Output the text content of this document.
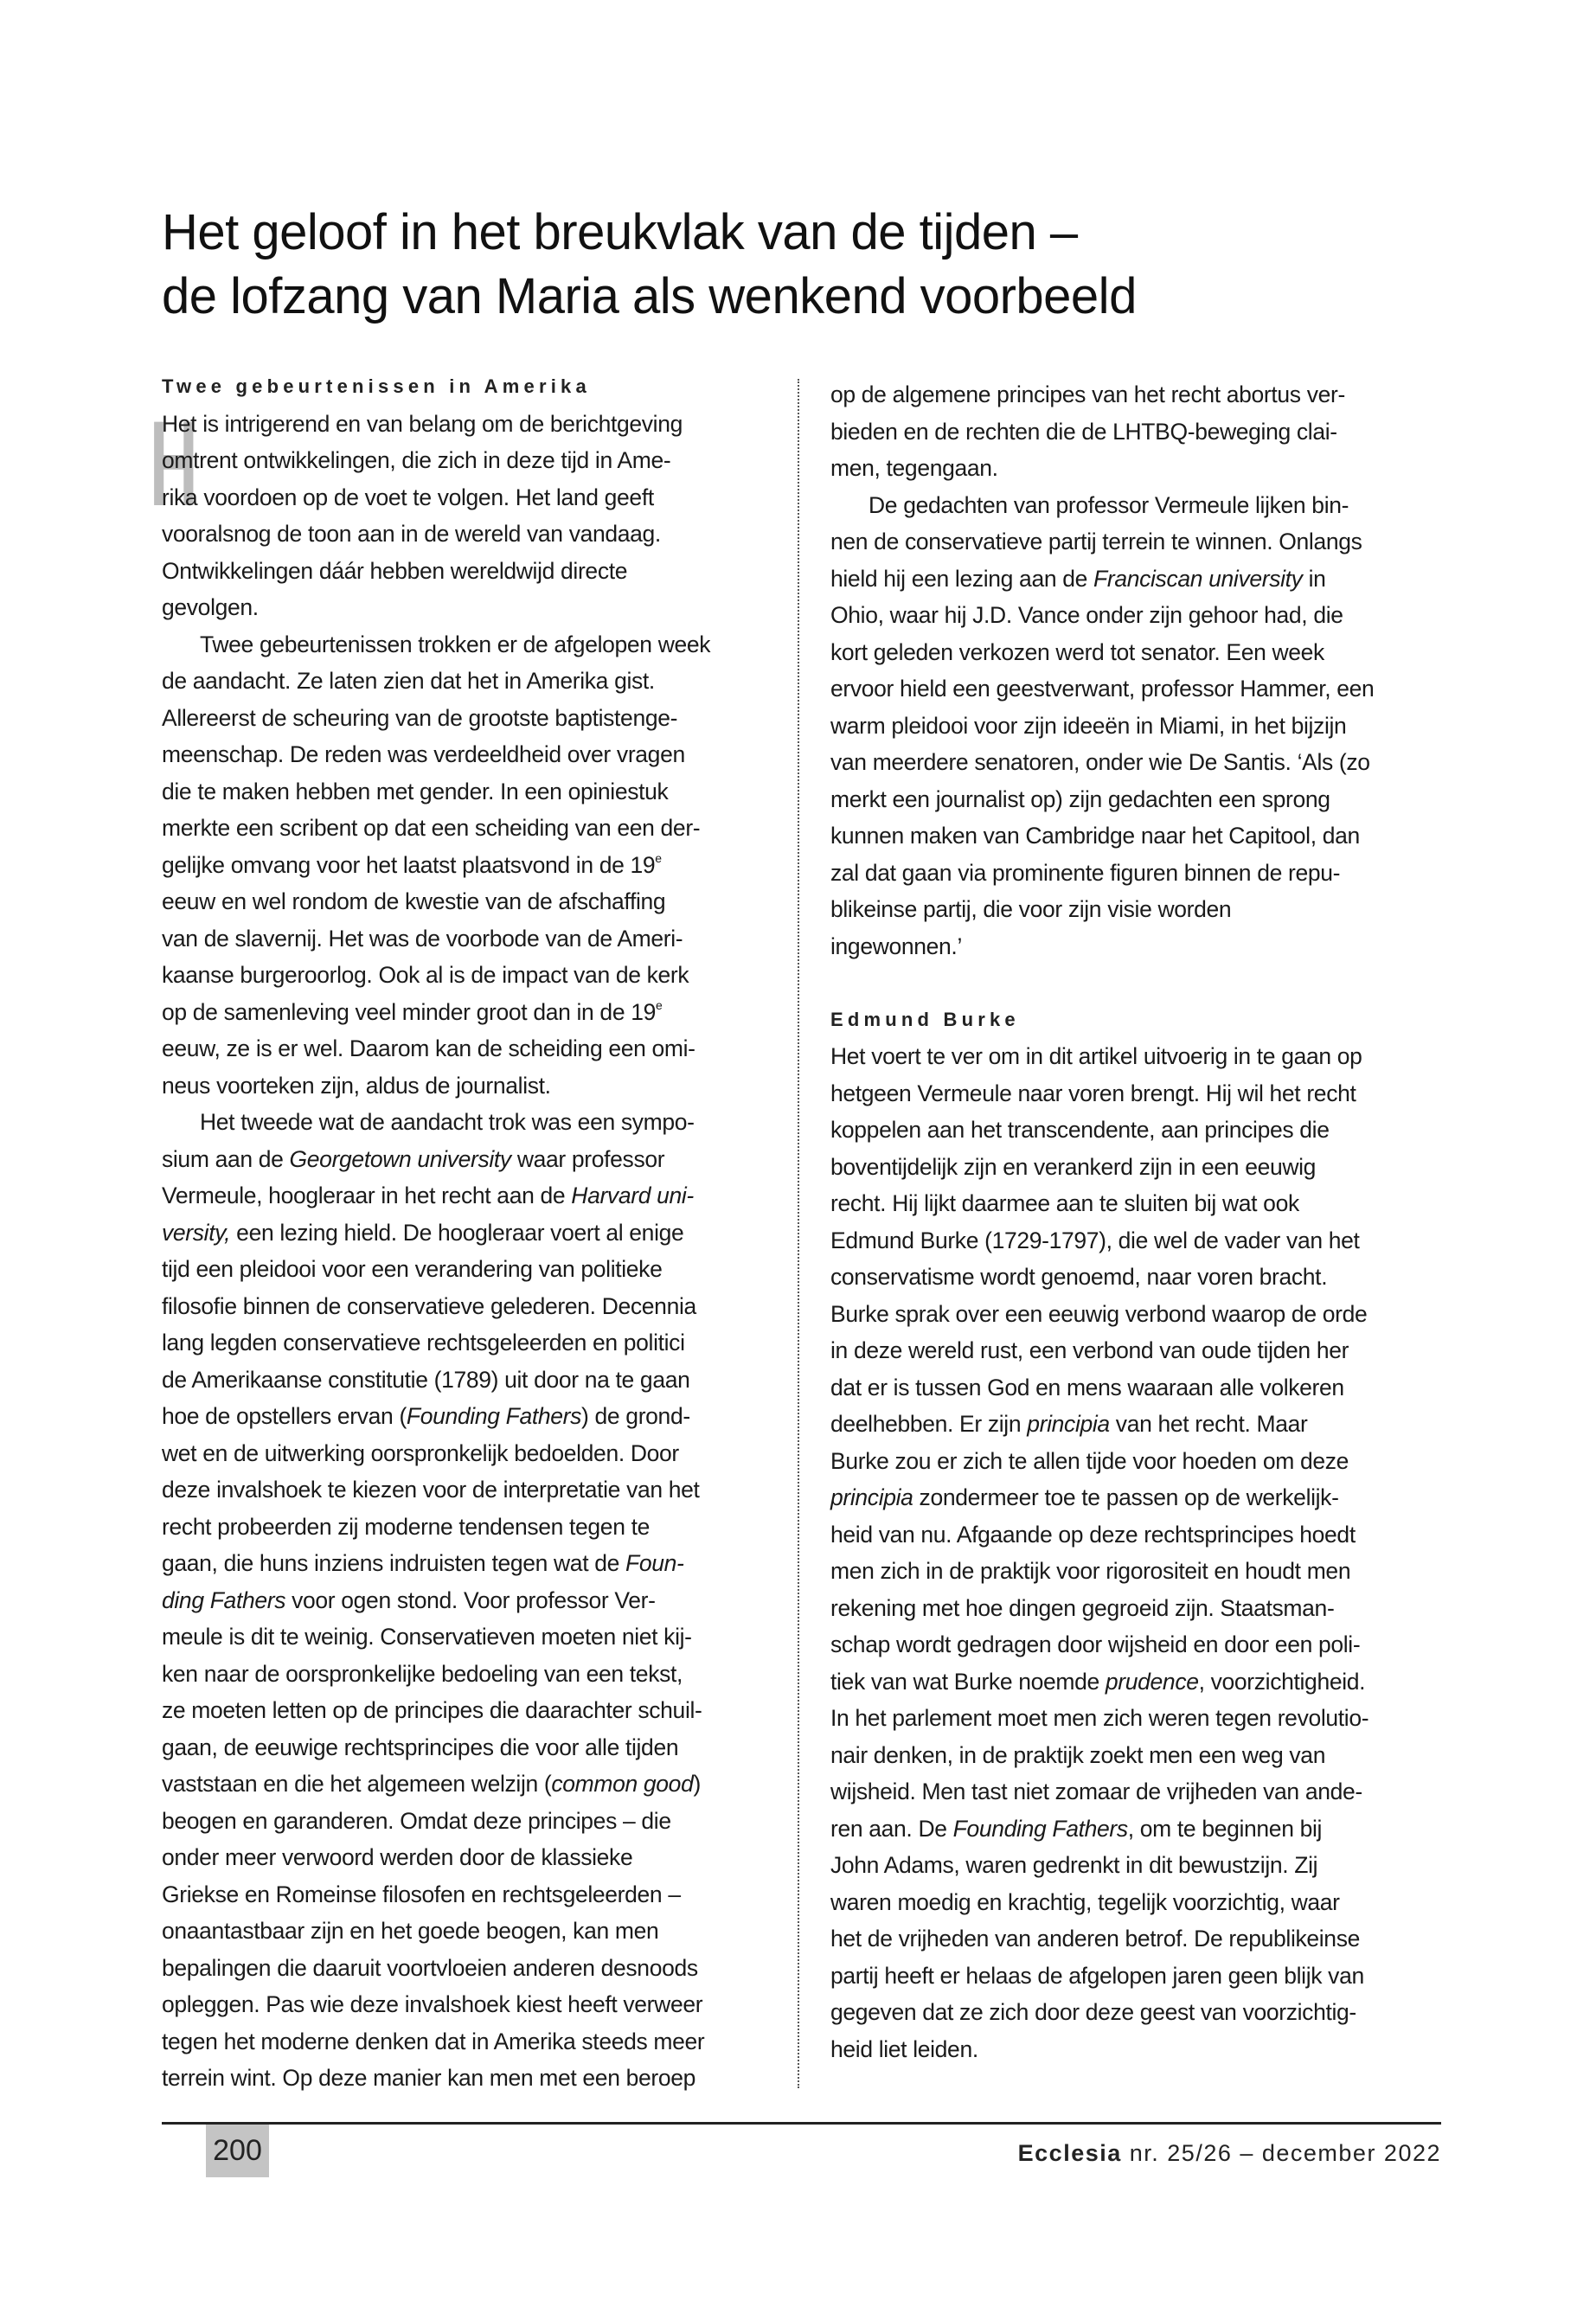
Het geloof in het breukvlak van de tijden –
de lofzang van Maria als wenkend voorbeeld
H
Twee gebeurtenissen in Amerika
Het is intrigerend en van belang om de berichtgeving
omtrent ontwikkelingen, die zich in deze tijd in Ame-
rika voordoen op de voet te volgen. Het land geeft
vooralsnog de toon aan in de wereld van vandaag.
Ontwikkelingen dáár hebben wereldwijd directe
gevolgen.
Twee gebeurtenissen trokken er de afgelopen week
de aandacht. Ze laten zien dat het in Amerika gist.
Allereerst de scheuring van de grootste baptistenge-
meenschap. De reden was verdeeldheid over vragen
die te maken hebben met gender. In een opiniestuk
merkte een scribent op dat een scheiding van een der-
gelijke omvang voor het laatst plaatsvond in de 19e
eeuw en wel rondom de kwestie van de afschaffing
van de slavernij. Het was de voorbode van de Ameri-
kaanse burgeroorlog. Ook al is de impact van de kerk
op de samenleving veel minder groot dan in de 19e
eeuw, ze is er wel. Daarom kan de scheiding een omi-
neus voorteken zijn, aldus de journalist.
Het tweede wat de aandacht trok was een sympo-
sium aan de Georgetown university waar professor
Vermeule, hoogleraar in het recht aan de Harvard uni-
versity, een lezing hield. De hoogleraar voert al enige
tijd een pleidooi voor een verandering van politieke
filosofie binnen de conservatieve gelederen. Decennia
lang legden conservatieve rechtsgeleerden en politici
de Amerikaanse constitutie (1789) uit door na te gaan
hoe de opstellers ervan (Founding Fathers) de grond-
wet en de uitwerking oorspronkelijk bedoelden. Door
deze invalshoek te kiezen voor de interpretatie van het
recht probeerden zij moderne tendensen tegen te
gaan, die huns inziens indruisten tegen wat de Foun-
ding Fathers voor ogen stond. Voor professor Ver-
meule is dit te weinig. Conservatieven moeten niet kij-
ken naar de oorspronkelijke bedoeling van een tekst,
ze moeten letten op de principes die daarachter schuil-
gaan, de eeuwige rechtsprincipes die voor alle tijden
vaststaan en die het algemeen welzijn (common good)
beogen en garanderen. Omdat deze principes – die
onder meer verwoord werden door de klassieke
Griekse en Romeinse filosofen en rechtsgeleerden –
onaantastbaar zijn en het goede beogen, kan men
bepalingen die daaruit voortvloeien anderen desnoods
opleggen. Pas wie deze invalshoek kiest heeft verweer
tegen het moderne denken dat in Amerika steeds meer
terrein wint. Op deze manier kan men met een beroep
op de algemene principes van het recht abortus ver-
bieden en de rechten die de LHTBQ-beweging clai-
men, tegengaan.
De gedachten van professor Vermeule lijken bin-
nen de conservatieve partij terrein te winnen. Onlangs
hield hij een lezing aan de Franciscan university in
Ohio, waar hij J.D. Vance onder zijn gehoor had, die
kort geleden verkozen werd tot senator. Een week
ervoor hield een geestverwant, professor Hammer, een
warm pleidooi voor zijn ideeën in Miami, in het bijzijn
van meerdere senatoren, onder wie De Santis. ‘Als (zo
merkt een journalist op) zijn gedachten een sprong
kunnen maken van Cambridge naar het Capitool, dan
zal dat gaan via prominente figuren binnen de repu-
blikeinse partij, die voor zijn visie worden
ingewonnen.’
Edmund Burke
Het voert te ver om in dit artikel uitvoerig in te gaan op
hetgeen Vermeule naar voren brengt. Hij wil het recht
koppelen aan het transcendente, aan principes die
boventijdelijk zijn en verankerd zijn in een eeuwig
recht. Hij lijkt daarmee aan te sluiten bij wat ook
Edmund Burke (1729-1797), die wel de vader van het
conservatisme wordt genoemd, naar voren bracht.
Burke sprak over een eeuwig verbond waarop de orde
in deze wereld rust, een verbond van oude tijden her
dat er is tussen God en mens waaraan alle volkeren
deelhebben. Er zijn principia van het recht. Maar
Burke zou er zich te allen tijde voor hoeden om deze
principia zondermeer toe te passen op de werkelijk-
heid van nu. Afgaande op deze rechtsprincipes hoedt
men zich in de praktijk voor rigorositeit en houdt men
rekening met hoe dingen gegroeid zijn. Staatsman-
schap wordt gedragen door wijsheid en door een poli-
tiek van wat Burke noemde prudence, voorzichtigheid.
In het parlement moet men zich weren tegen revolutio-
nair denken, in de praktijk zoekt men een weg van
wijsheid. Men tast niet zomaar de vrijheden van ande-
ren aan. De Founding Fathers, om te beginnen bij
John Adams, waren gedrenkt in dit bewustzijn. Zij
waren moedig en krachtig, tegelijk voorzichtig, waar
het de vrijheden van anderen betrof. De republikeinse
partij heeft er helaas de afgelopen jaren geen blijk van
gegeven dat ze zich door deze geest van voorzichtig-
heid liet leiden.
200	Ecclesia nr. 25/26 – december 2022
